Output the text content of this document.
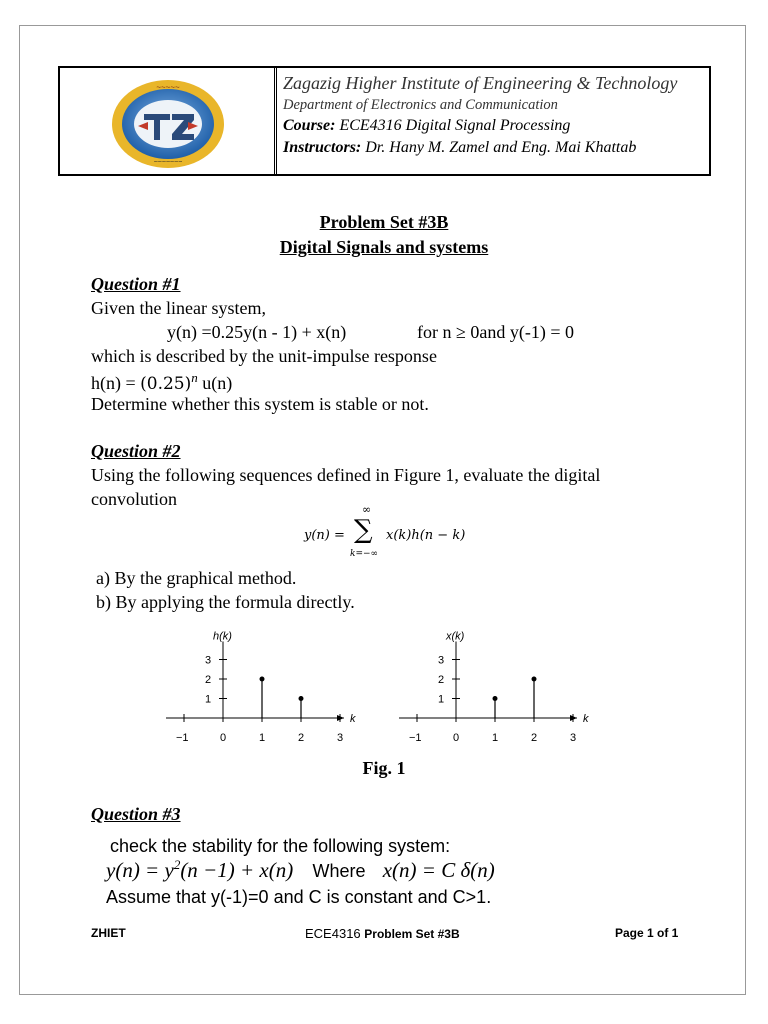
~~~~~
~~~~~~~
Zagazig Higher Institute of Engineering & Technology
Department of Electronics and Communication
Course: ECE4316 Digital Signal Processing
Instructors: Dr. Hany M. Zamel and Eng. Mai Khattab
Problem Set #3B
Digital Signals and systems
Question #1
Given the linear system,
y(n) =0.25y(n - 1) + x(n)	for n ≥ 0and y(-1) = 0
which is described by the unit-impulse response
$h(n) = (0.25)^n$ u(n)
Determine whether this system is stable or not.
Question #2
Using the following sequences defined in Figure 1, evaluate the digital
convolution
y(n) =
∞
∑
k=−∞
x(k)h(n − k)
a) By the graphical method.
b) By applying the formula directly.
h(k)
k
−1	0	1	2	3
1
2
3
x(k)
k
−1	0	1	2	3
1
2
3
Fig. 1
Question #3
check the stability for the following system:
$y(n) = y^2(n -1) + x(n)$ Where x(n) = C δ(n)
Assume that y(-1)=0 and C is constant and C>1.
ZHIET	ECE4316 Problem Set #3B	Page 1 of 1
